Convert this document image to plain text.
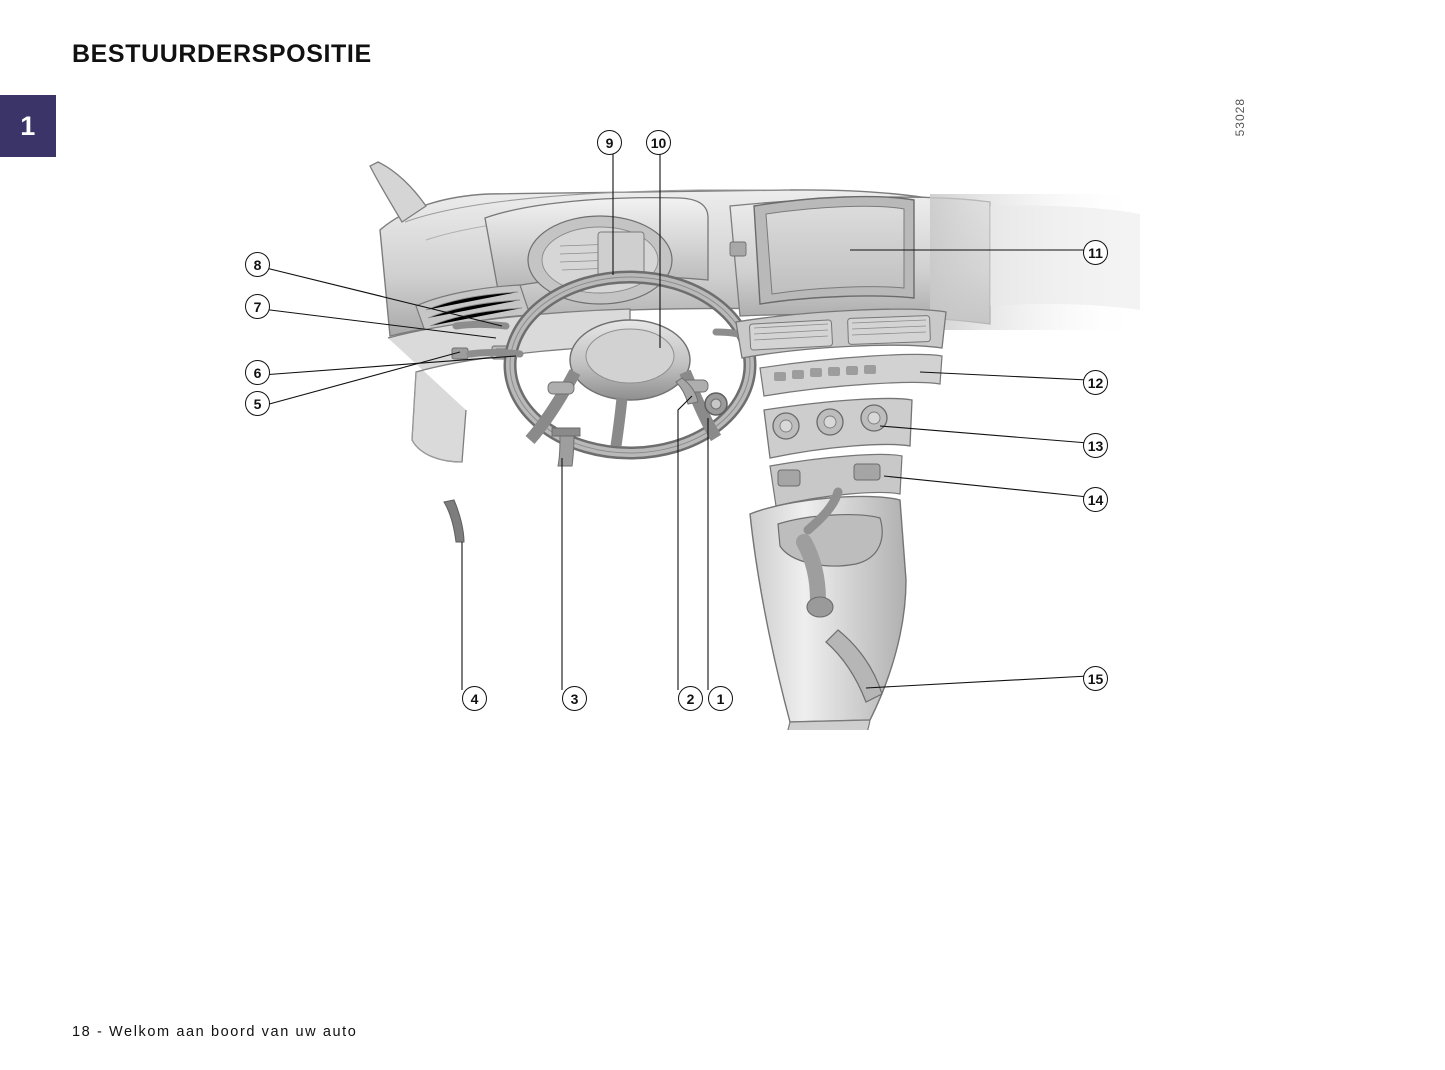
1
BESTUURDERSPOSITIE
53028
1
2
3
4
5
6
7
8
9	10
11
12
13
14
15
18 - Welkom aan boord van uw auto
